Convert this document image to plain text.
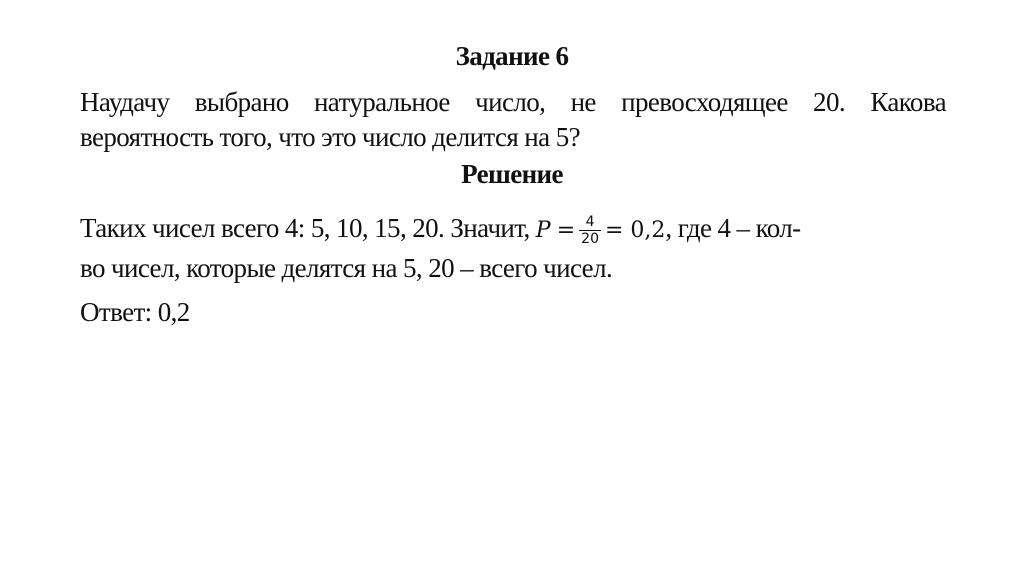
Задание 6
Наудачу выбрано натуральное число, не превосходящее 20. Какова
вероятность того, что это число делится на 5?
Решение
Таких чисел всего 4: 5, 10, 15, 20. Значит, $P = \frac{4}{20} = 0,2$, где 4 – кол-
во чисел, которые делятся на 5, 20 – всего чисел.
Ответ: 0,2
